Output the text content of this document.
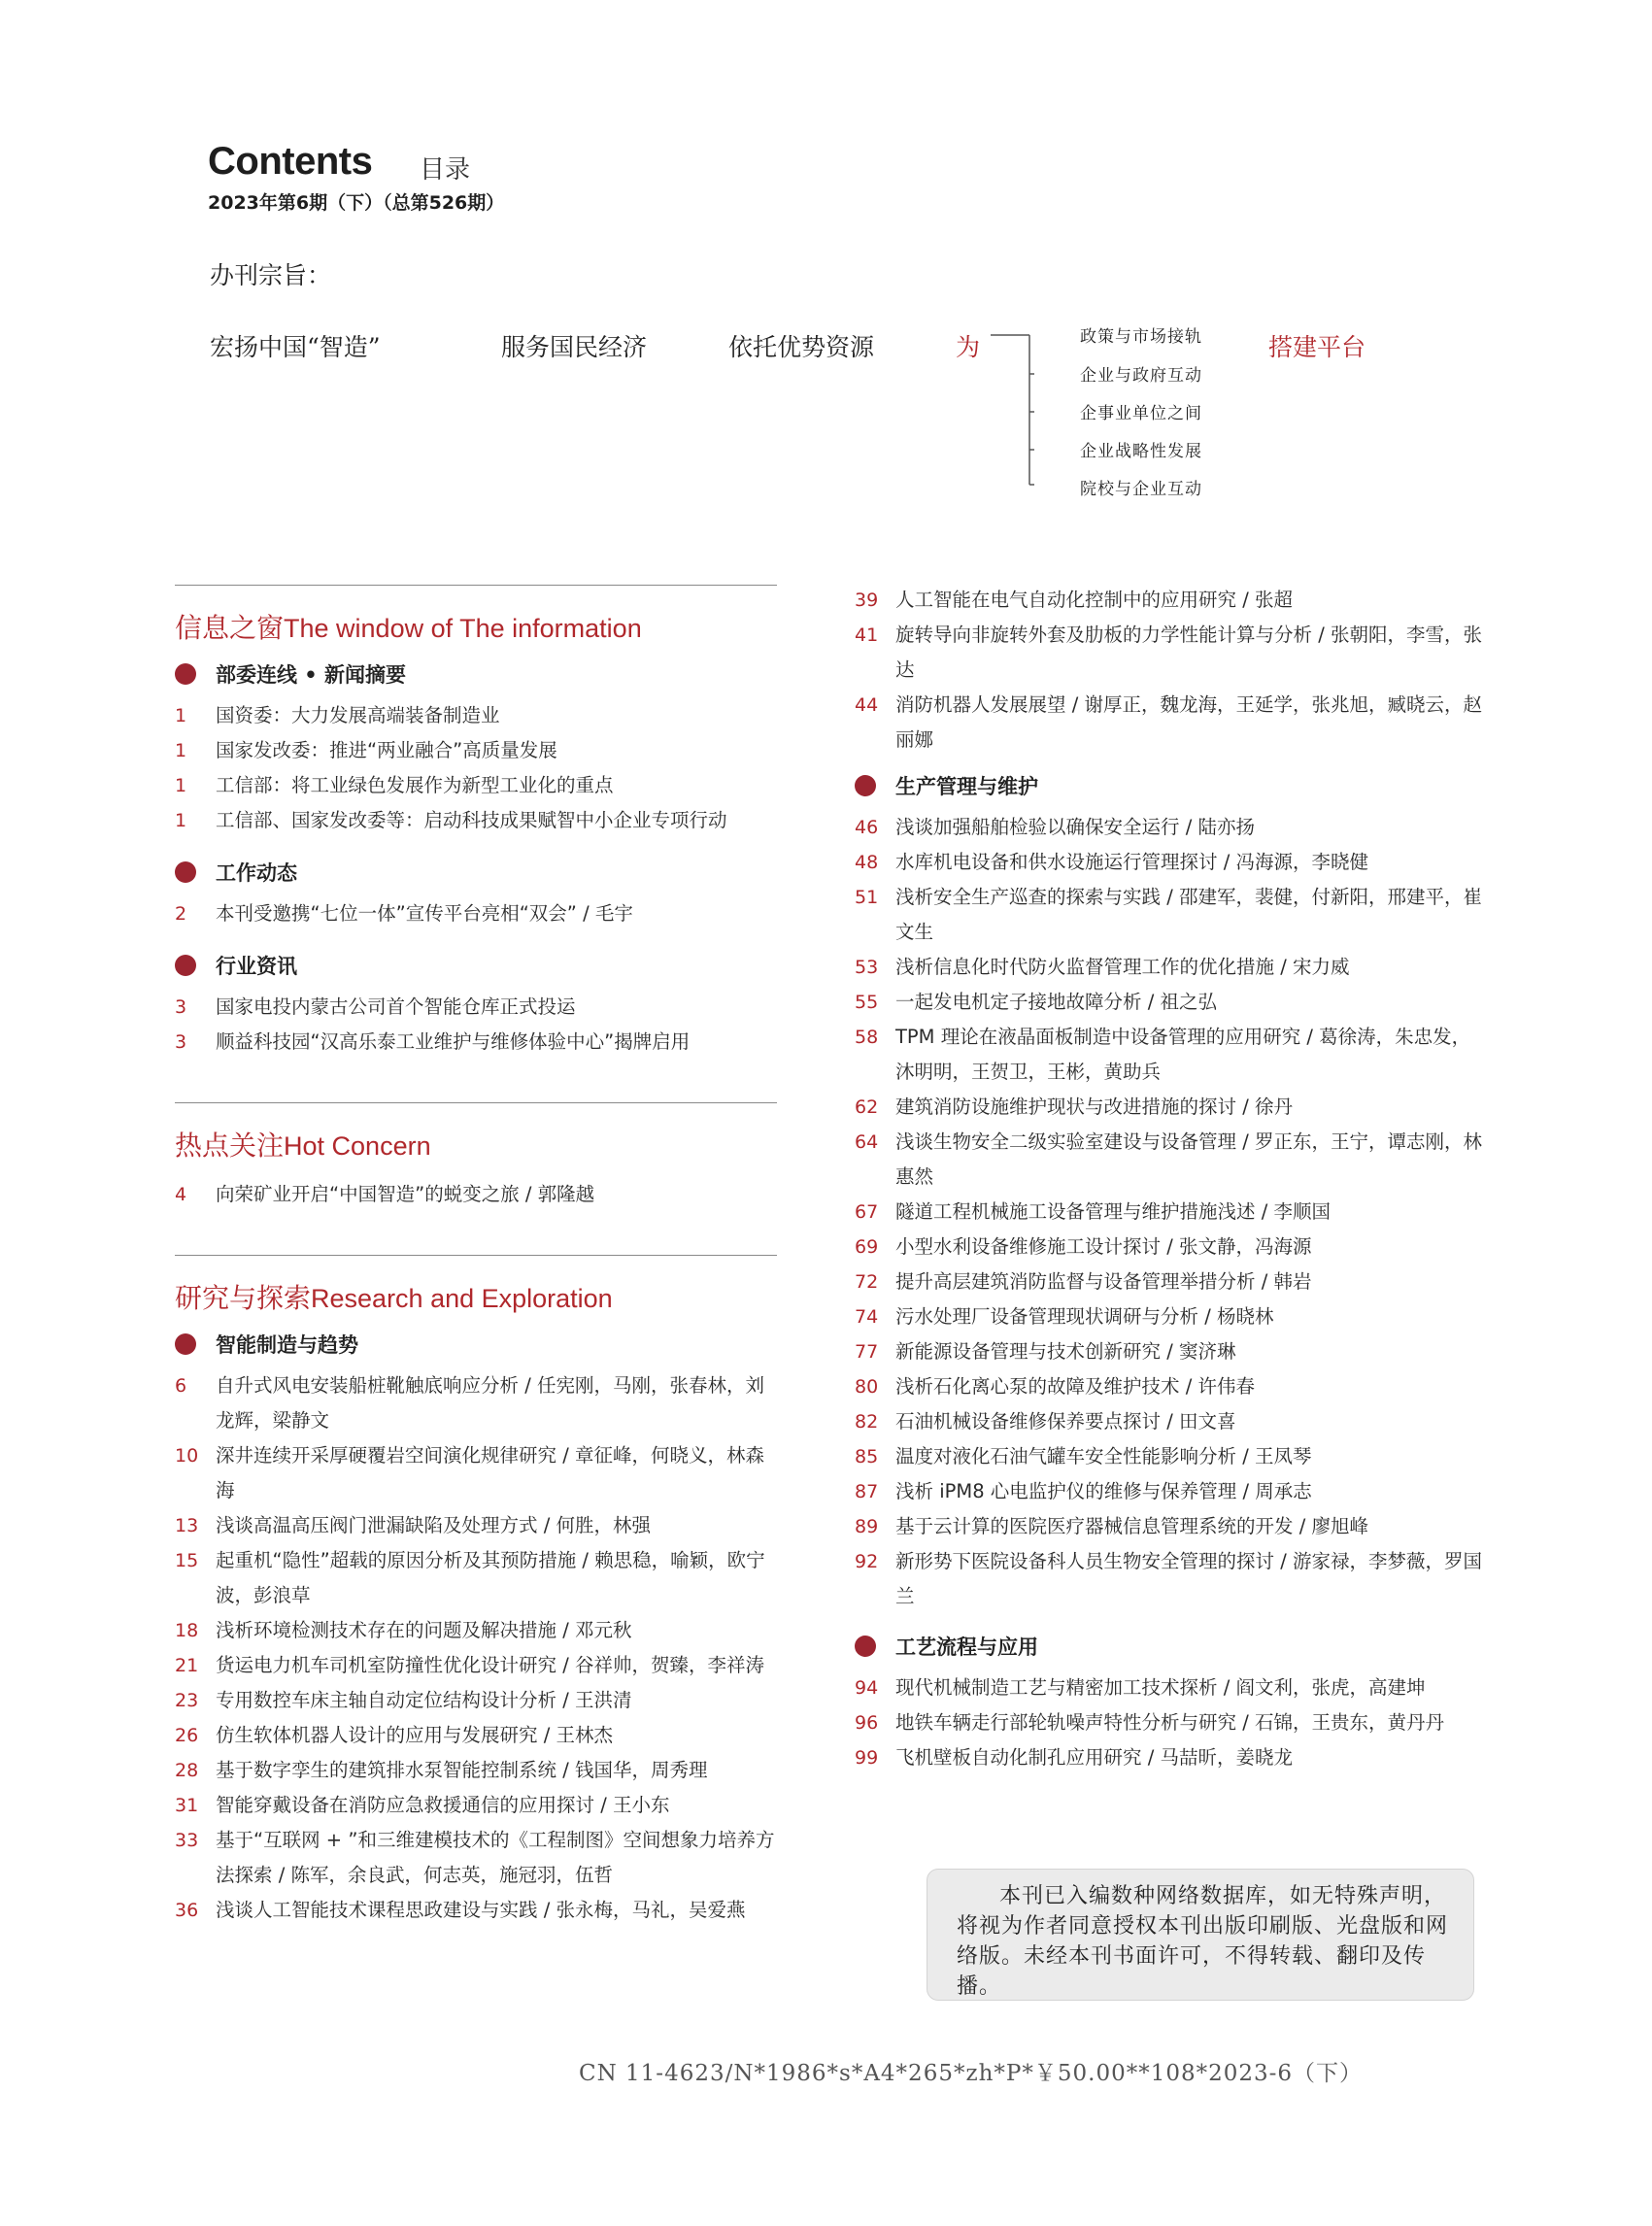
Contents 目录
2023年第6期（下）（总第526期）
办刊宗旨：
宏扬中国“智造”	服务国民经济	依托优势资源	为	政策与市场接轨
企业与政府互动
企事业单位之间
企业战略性发展
院校与企业互动
搭建平台
信息之窗The window of The information
部委连线 • 新闻摘要
1	国资委：大力发展高端装备制造业
1	国家发改委：推进“两业融合”高质量发展
1	工信部：将工业绿色发展作为新型工业化的重点
1	工信部、国家发改委等：启动科技成果赋智中小企业专项行动
工作动态
2	本刊受邀携“七位一体”宣传平台亮相“双会” / 毛宇
行业资讯
3	国家电投内蒙古公司首个智能仓库正式投运
3	顺益科技园“汉高乐泰工业维护与维修体验中心”揭牌启用
热点关注Hot Concern
4	向荣矿业开启“中国智造”的蜕变之旅 / 郭隆越
研究与探索Research and Exploration
智能制造与趋势
6	自升式风电安装船桩靴触底响应分析 / 任宪刚，马刚，张春林，刘龙辉，梁静文
10 深井连续开采厚硬覆岩空间演化规律研究 / 章征峰，何晓义，林森海
13 浅谈高温高压阀门泄漏缺陷及处理方式 / 何胜，林强
15 起重机“隐性”超载的原因分析及其预防措施 / 赖思稳，喻颖，欧宁波，彭浪草
18 浅析环境检测技术存在的问题及解决措施 / 邓元秋
21 货运电力机车司机室防撞性优化设计研究 / 谷祥帅，贺臻，李祥涛
23 专用数控车床主轴自动定位结构设计分析 / 王洪清
26 仿生软体机器人设计的应用与发展研究 / 王林杰
28 基于数字孪生的建筑排水泵智能控制系统 / 钱国华，周秀理
31 智能穿戴设备在消防应急救援通信的应用探讨 / 王小东
33 基于“互联网 + ”和三维建模技术的《工程制图》空间想象力培养方法探索 / 陈军，余良武，何志英，施冠羽，伍哲
36 浅谈人工智能技术课程思政建设与实践 / 张永梅，马礼，吴爱燕
39 人工智能在电气自动化控制中的应用研究 / 张超
41 旋转导向非旋转外套及肋板的力学性能计算与分析 / 张朝阳，李雪，张达
44 消防机器人发展展望 / 谢厚正，魏龙海，王延学，张兆旭，臧晓云，赵丽娜
生产管理与维护
46 浅谈加强船舶检验以确保安全运行 / 陆亦扬
48 水库机电设备和供水设施运行管理探讨 / 冯海源，李晓健
51 浅析安全生产巡查的探索与实践 / 邵建军，裴健，付新阳，邢建平，崔文生
53 浅析信息化时代防火监督管理工作的优化措施 / 宋力威
55 一起发电机定子接地故障分析 / 祖之弘
58 TPM 理论在液晶面板制造中设备管理的应用研究 / 葛徐涛，朱忠发，沐明明，王贺卫，王彬，黄助兵
62 建筑消防设施维护现状与改进措施的探讨 / 徐丹
64 浅谈生物安全二级实验室建设与设备管理 / 罗正东，王宁，谭志刚，林惠然
67 隧道工程机械施工设备管理与维护措施浅述 / 李顺国
69 小型水利设备维修施工设计探讨 / 张文静，冯海源
72 提升高层建筑消防监督与设备管理举措分析 / 韩岩
74 污水处理厂设备管理现状调研与分析 / 杨晓林
77 新能源设备管理与技术创新研究 / 窦济琳
80 浅析石化离心泵的故障及维护技术 / 许伟春
82 石油机械设备维修保养要点探讨 / 田文喜
85 温度对液化石油气罐车安全性能影响分析 / 王凤琴
87 浅析 iPM8 心电监护仪的维修与保养管理 / 周承志
89 基于云计算的医院医疗器械信息管理系统的开发 / 廖旭峰
92 新形势下医院设备科人员生物安全管理的探讨 / 游家禄，李梦薇，罗国兰
工艺流程与应用
94 现代机械制造工艺与精密加工技术探析 / 阎文利，张虎，高建坤
96 地铁车辆走行部轮轨噪声特性分析与研究 / 石锦，王贵东，黄丹丹
99 飞机壁板自动化制孔应用研究 / 马喆昕，姜晓龙
本刊已入编数种网络数据库，如无特殊声明，将视为作者同意授权本刊出版印刷版、光盘版和网络版。未经本刊书面许可，不得转载、翻印及传播。
CN 11-4623/N*1986*s*A4*265*zh*P*￥50.00**108*2023-6（下）
